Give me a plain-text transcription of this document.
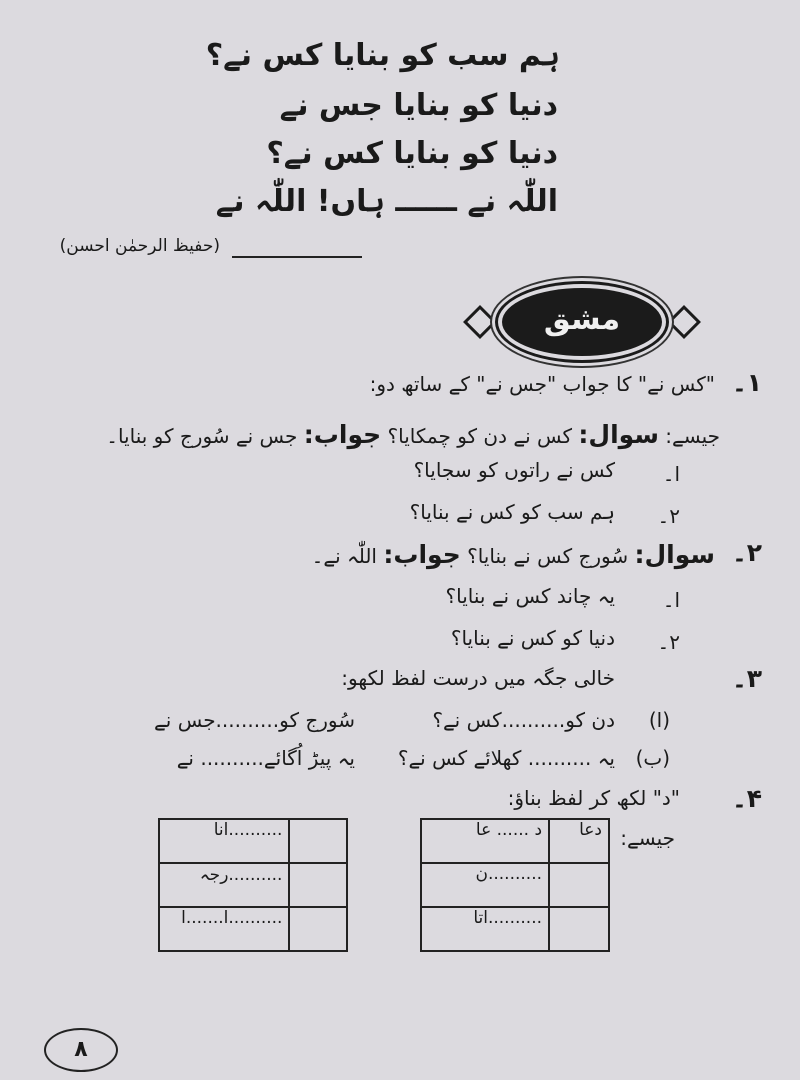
ہم سب کو بنایا کس نے؟
دنیا کو بنایا جس نے
دنیا کو بنایا کس نے؟
اللّٰہ نے ــــــ ہاں! اللّٰہ نے
(حفیظ الرحمٰن احسن)
مشق
۱۔
"کس نے" کا جواب "جس نے" کے ساتھ دو:
جیسے: سوال: کس نے دن کو چمکایا؟ جواب: جس نے سُورج کو بنایا۔
ا۔
کس نے راتوں کو سجایا؟
۲۔
ہم سب کو کس نے بنایا؟
۲۔
سوال: سُورج کس نے بنایا؟ جواب: اللّٰہ نے۔
ا۔
یہ چاند کس نے بنایا؟
۲۔
دنیا کو کس نے بنایا؟
۳۔
خالی جگہ میں درست لفظ لکھو:
(ا)
دن کو..........کس نے؟
سُورج کو..........جس نے
(ب)
یہ .......... کھلائے کس نے؟
یہ پیڑ اُگائے.......... نے
۴۔
"د" لکھ کر لفظ بناؤ:
جیسے:
د ...... عا	دعا
..........ن	
..........اتا	
..........انا	
..........رجہ	
..........ا.......ا	
۸
